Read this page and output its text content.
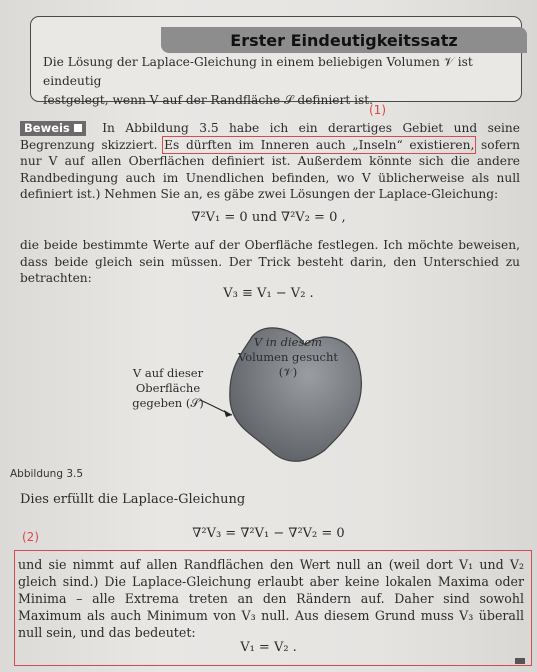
Erster Eindeutigkeitssatz
Die Lösung der Laplace-Gleichung in einem beliebigen Volumen 𝒱 ist eindeutig
festgelegt, wenn V auf der Randfläche 𝒮 definiert ist.
(1)
Beweis	In Abbildung 3.5 habe ich ein derartiges Gebiet und seine Begrenzung skizziert. Es dürften im Inneren auch „Inseln“ existieren, sofern nur V auf allen Oberflächen definiert ist. Außerdem könnte sich die andere Randbedingung auch im Unendlichen befinden, wo V üblicherweise als null definiert ist.) Nehmen Sie an, es gäbe zwei Lösungen der Laplace-Gleichung:
∇²V₁ = 0 und ∇²V₂ = 0 ,
die beide bestimmte Werte auf der Oberfläche festlegen. Ich möchte beweisen, dass beide gleich sein müssen. Der Trick besteht darin, den Unterschied zu betrachten:
V₃ ≡ V₁ − V₂ .
V in diesem
Volumen gesucht
(𝒱)
V auf dieser
Oberfläche
gegeben (𝒮)
Abbildung 3.5
Dies erfüllt die Laplace-Gleichung
∇²V₃ = ∇²V₁ − ∇²V₂ = 0
(2)
und sie nimmt auf allen Randflächen den Wert null an (weil dort V₁ und V₂ gleich sind.) Die Laplace-Gleichung erlaubt aber keine lokalen Maxima oder Minima – alle Extrema treten an den Rändern auf. Daher sind sowohl Maximum als auch Minimum von V₃ null. Aus diesem Grund muss V₃ überall null sein, und das bedeutet:
V₁ = V₂ .
